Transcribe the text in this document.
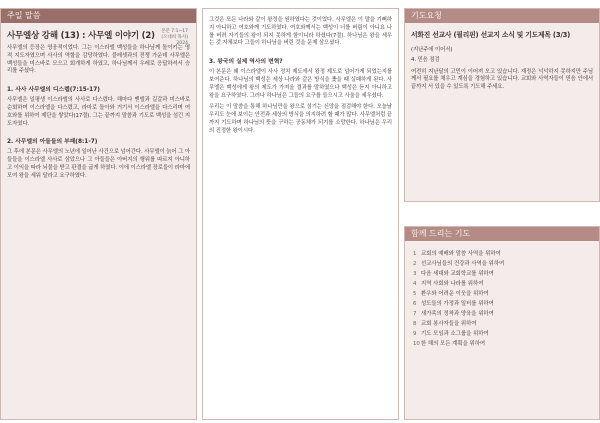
주일 말씀
본문 7:1~17
(오대희 목사)
2024
사무엘상 강해 (13) : 사무엘 이야기 (2)
사무엘의 등장은 영웅적이었다. 그는 이스라엘 백성들을 하나님께 돌이키는 영적 지도자였으며 사사의 역할을 감당하였다. 블레셋과의 전쟁 가운데 사무엘은 백성들을 미스바로 모으고 회개하게 하였고, 하나님께서 우레로 응답하셔서 승리를 주셨다.
1. 사사 사무엘의 디스렙(7:15-17)
사무엘은 일평생 이스라엘의 사사로 다스렸다. 해마다 벧엘과 길갈과 미스바로 순회하며 이스라엘을 다스렸고, 라마로 돌아와 거기서 이스라엘을 다스리며 여호와를 위하여 제단을 쌓았다(17절). 그는 끝까지 말씀과 기도로 백성을 섬긴 지도자였다.
2. 사무엘의 아들들의 부패(8:1-7)
그 후에 본문은 사무엘의 노년에 일어난 사건으로 넘어간다. 사무엘이 늙어 그 아들들을 이스라엘 사사로 삼았으나 그 아들들은 아버지의 행위를 따르지 아니하고 이익을 따라 뇌물을 받고 판결을 굽게 하였다. 이에 이스라엘 장로들이 라마에 모여 왕을 세워 달라고 요구하였다.
그것은 모든 나라와 같이 왕정을 원하였다는 것이었다. 사무엘은 이 말을 기뻐하지 아니하고 여호와께 기도하였다. 여호와께서는 백성이 너를 버림이 아니요 나를 버려 자기들의 왕이 되지 못하게 함이니라 하셨다(7절). 하나님은 왕을 세우는 것 자체보다 그들이 하나님을 버린 것을 문제 삼으셨다.
3. 왕국의 실제 역사의 변혁?
이 본문은 왜 이스라엘이 사사 정치 제도에서 왕정 제도로 넘어가게 되었는지를 보여준다. 하나님의 백성은 세상 나라와 같은 방식을 좇을 때 실패하게 된다. 사무엘은 백성에게 왕의 제도가 가져올 결과를 말하였으나 백성은 듣지 아니하고 왕을 요구하였다. 그러나 하나님은 그들의 요구를 들으시고 사울을 세우셨다.
우리는 이 말씀을 통해 하나님만을 왕으로 섬기는 신앙을 점검해야 한다. 오늘날 우리도 눈에 보이는 안전과 세상의 방식을 의지하려 할 때가 많다. 사무엘처럼 끝까지 기도하며 하나님의 뜻을 구하는 공동체가 되기를 소망한다. 하나님은 우리의 진정한 왕이시다.
기도요청
서화진 선교사 (필리핀) 선교지 소식 및 기도제목 (3/3)
(지난주에 이어서)
4. 믿음 점검
여전히 지난달의 고민이 이어져 오고 있습니다. 재정은 넉넉하지 못하지만 주님께서 필요를 채우고 계심을 경험하고 있습니다. 교회와 사역자들이 믿음 안에서 끝까지 서 있을 수 있도록 기도해 주세요.
함께 드리는 기도
1 교회의 예배와 말씀 사역을 위하여
2 선교사님들의 건강과 사역을 위하여
3 다음 세대와 교회학교를 위하여
4 지역 사회와 나라를 위하여
5 환우와 어려운 이웃을 위하여
6 성도들의 가정과 일터를 위하여
7 새가족의 정착과 양육을 위하여
8 교회 봉사자들을 위하여
9 기도 모임과 소그룹을 위하여
10 한 해의 모든 계획을 위하여
